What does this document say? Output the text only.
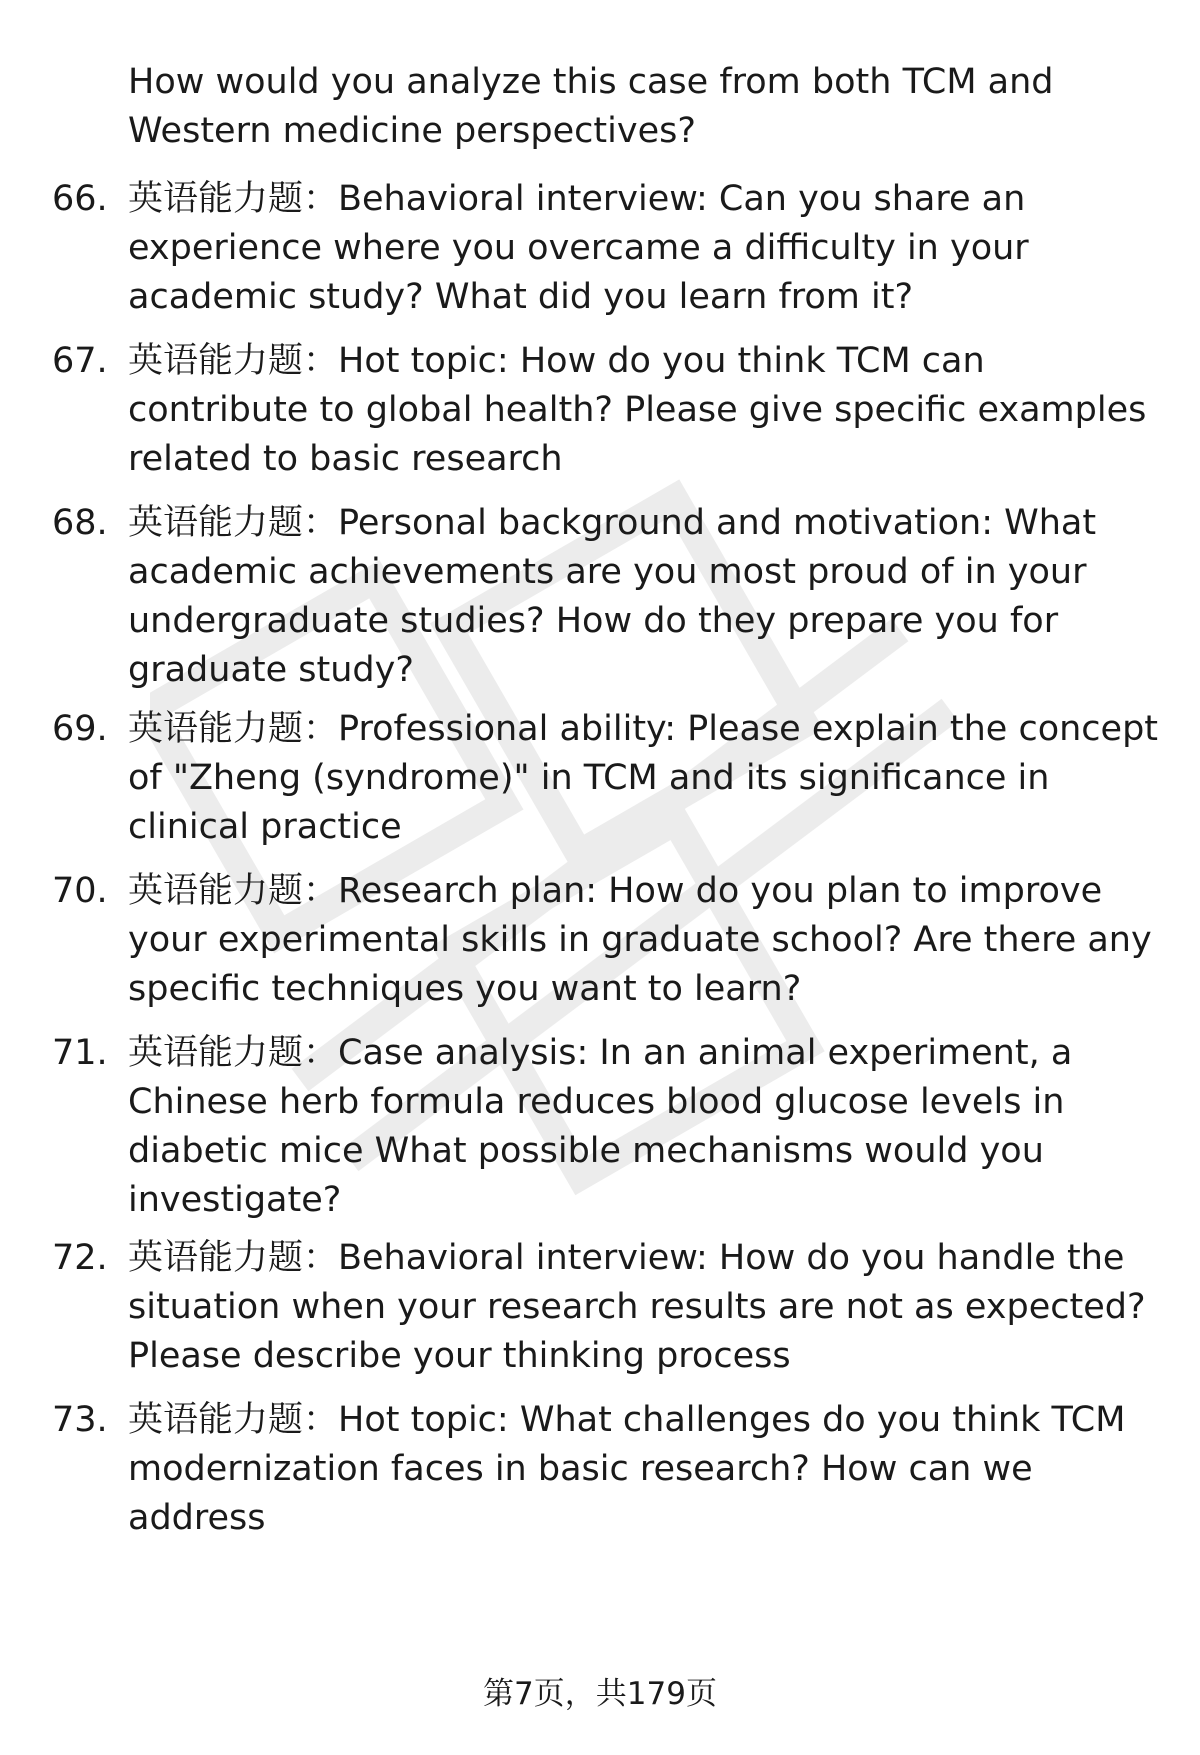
How would you analyze this case from both TCM and Western medicine perspectives?

66. 英语能力题：Behavioral interview: Can you share an experience where you overcame a difficulty in your academic study? What did you learn from it?
67. 英语能力题：Hot topic: How do you think TCM can contribute to global health? Please give specific examples related to basic research
68. 英语能力题：Personal background and motivation: What academic achievements are you most proud of in your undergraduate studies? How do they prepare you for graduate study?
69. 英语能力题：Professional ability: Please explain the concept of "Zheng (syndrome)" in TCM and its significance in clinical practice
70. 英语能力题：Research plan: How do you plan to improve your experimental skills in graduate school? Are there any specific techniques you want to learn?
71. 英语能力题：Case analysis: In an animal experiment, a Chinese herb formula reduces blood glucose levels in diabetic mice What possible mechanisms would you investigate?
72. 英语能力题：Behavioral interview: How do you handle the situation when your research results are not as expected? Please describe your thinking process
73. 英语能力题：Hot topic: What challenges do you think TCM modernization faces in basic research? How can we address
第7页，共179页
